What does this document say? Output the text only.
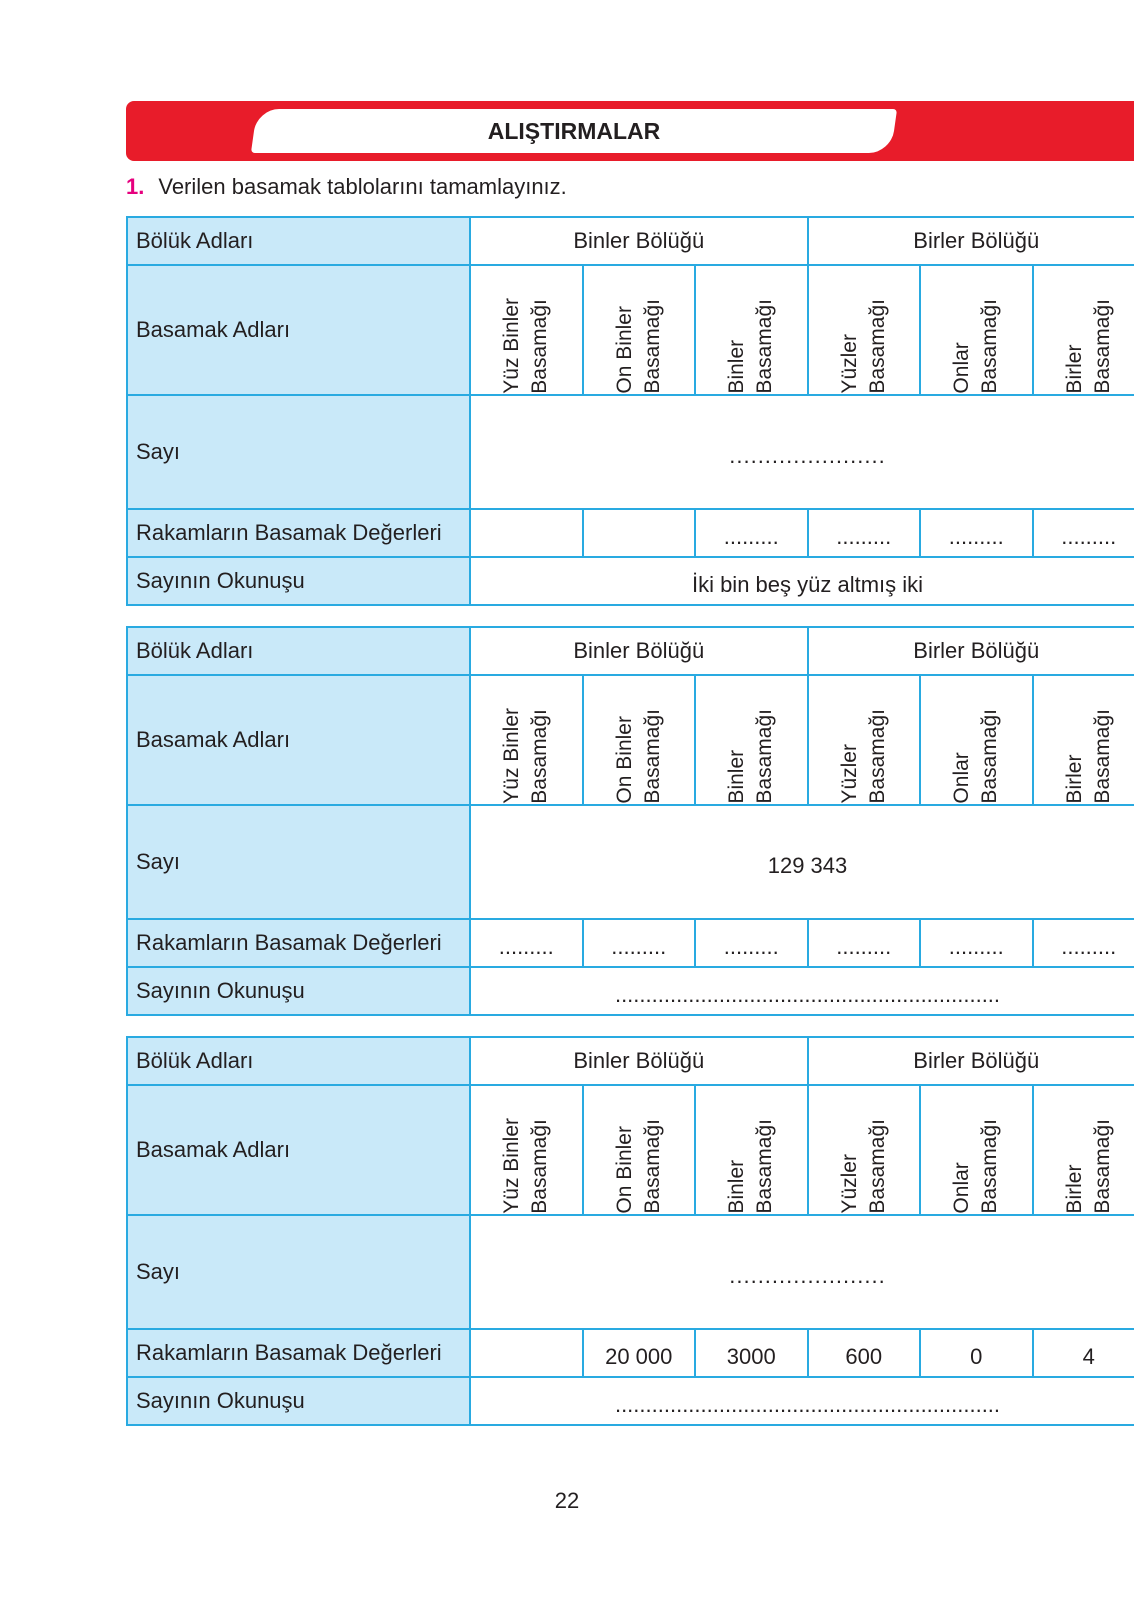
ALIŞTIRMALAR
1. Verilen basamak tablolarını tamamlayınız.
Bölük Adları	Binler Bölüğü			Birler Bölüğü		
Basamak Adları	Yüz Binler Basamağı	On Binler Basamağı	Binler Basamağı	Yüzler Basamağı	Onlar Basamağı	Birler Basamağı

Sayı	......................					
Rakamların Basamak Değerleri			.........	.........	.........	.........
Sayının Okunuşu	İki bin beş yüz altmış iki					
Bölük Adları	Binler Bölüğü			Birler Bölüğü		
Basamak Adları	Yüz Binler Basamağı	On Binler Basamağı	Binler Basamağı	Yüzler Basamağı	Onlar Basamağı	Birler Basamağı

Sayı	129 343					
Rakamların Basamak Değerleri	.........	.........	.........	.........	.........	.........
Sayının Okunuşu	...............................................................					
Bölük Adları	Binler Bölüğü			Birler Bölüğü		
Basamak Adları	Yüz Binler Basamağı	On Binler Basamağı	Binler Basamağı	Yüzler Basamağı	Onlar Basamağı	Birler Basamağı

Sayı	......................					
Rakamların Basamak Değerleri		20 000	3000	600	0	4
Sayının Okunuşu	...............................................................					
22
